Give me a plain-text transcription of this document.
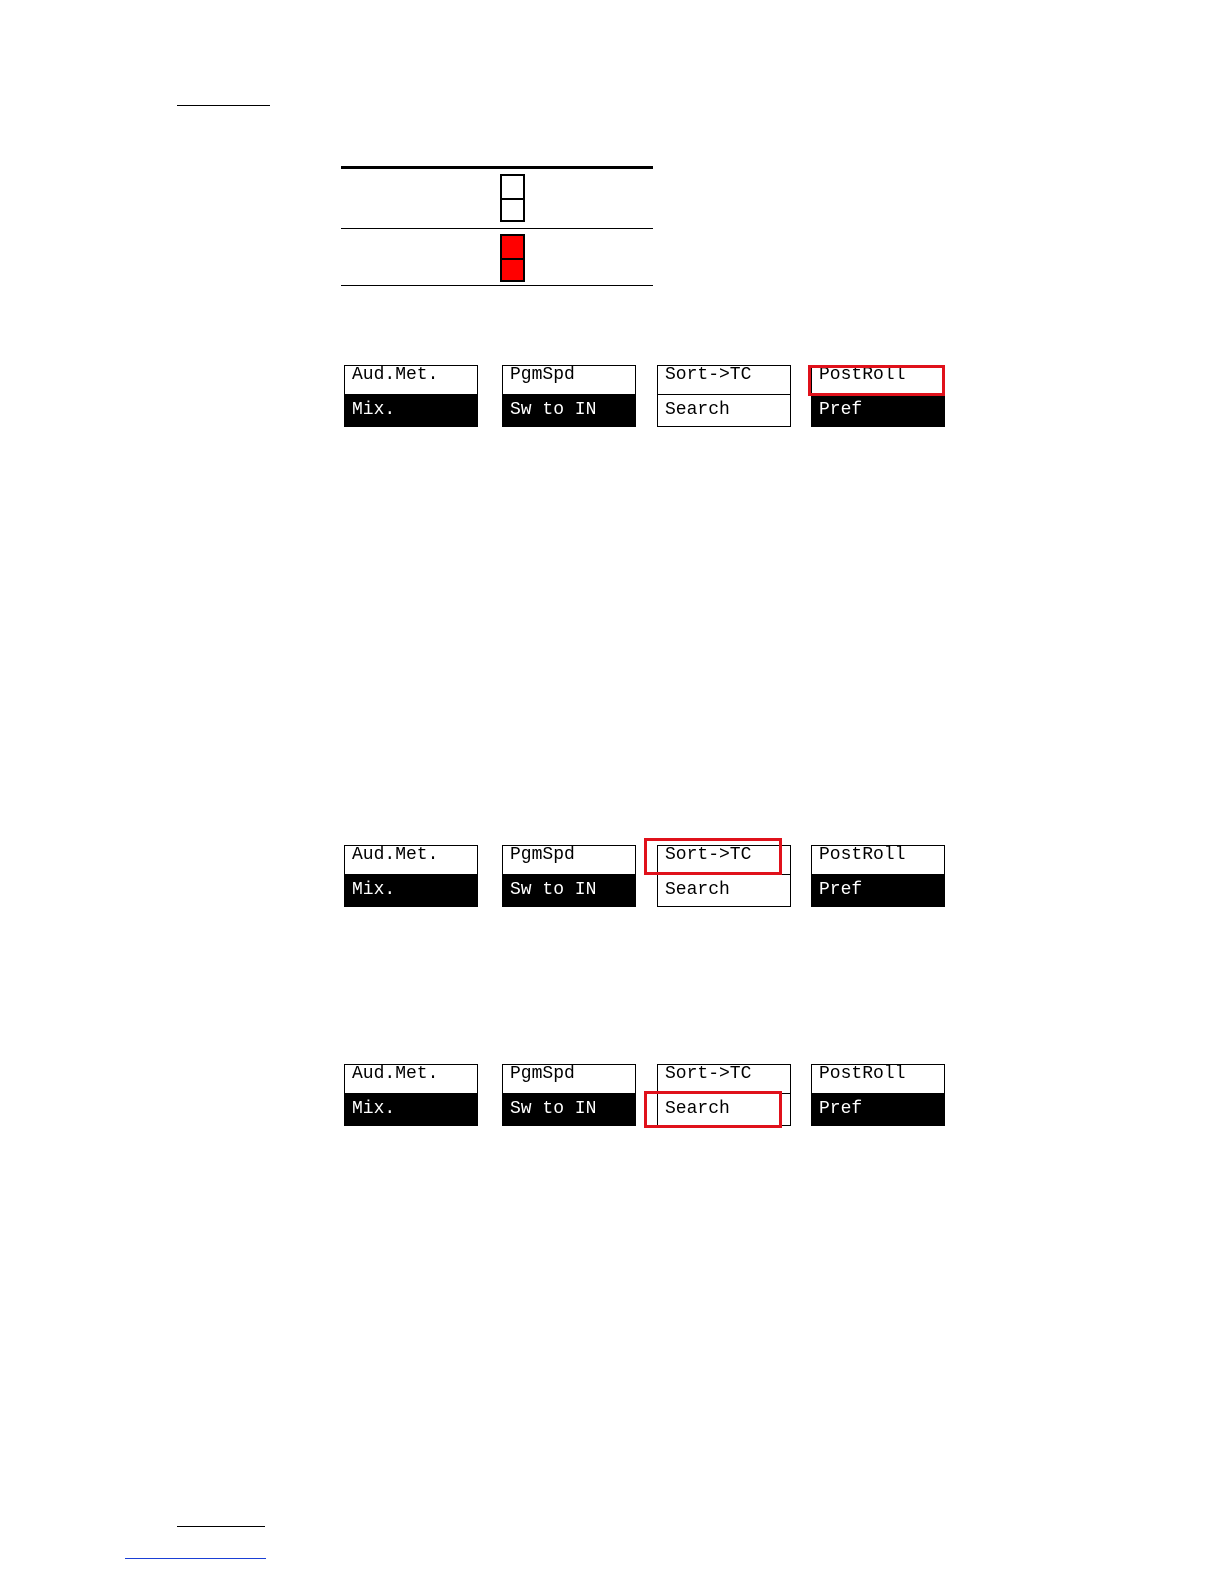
Aud.Met.
Mix.
PgmSpd
Sw to IN
Sort->TC
Search
PostRoll
Pref
Aud.Met.
Mix.
PgmSpd
Sw to IN
Sort->TC
Search
PostRoll
Pref
Aud.Met.
Mix.
PgmSpd
Sw to IN
Sort->TC
Search
PostRoll
Pref
